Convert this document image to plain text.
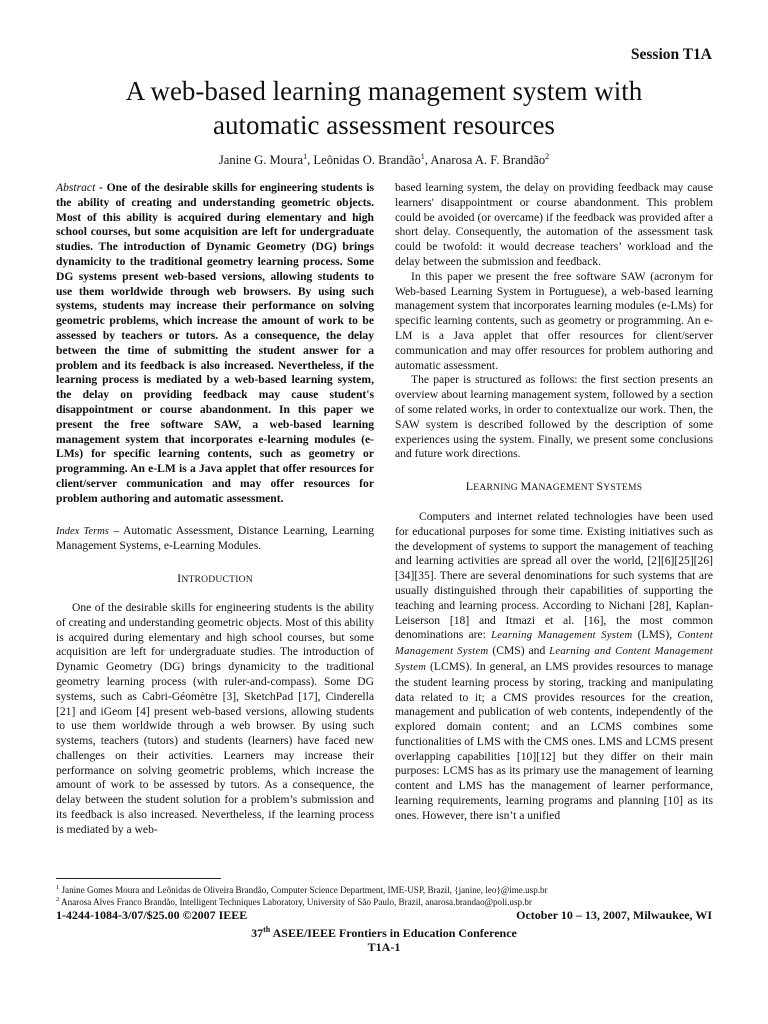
Session T1A
A web-based learning management system with
automatic assessment resources
Janine G. Moura$^1$, Leônidas O. Brandão$^1$, Anarosa A. F. Brandão$^2$

Abstract - One of the desirable skills for engineering students is the ability of creating and understanding geometric objects. Most of this ability is acquired during elementary and high school courses, but some acquisition are left for undergraduate studies. The introduction of Dynamic Geometry (DG) brings dynamicity to the traditional geometry learning process. Some DG systems present web-based versions, allowing students to use them worldwide through web browsers. By using such systems, students may increase their performance on solving geometric problems, which increase the amount of work to be assessed by teachers or tutors. As a consequence, the delay between the time of submitting the student answer for a problem and its feedback is also increased. Nevertheless, if the learning process is mediated by a web-based learning system, the delay on providing feedback may cause student's disappointment or course abandonment. In this paper we present the free software SAW, a web-based learning management system that incorporates e-learning modules (e-LMs) for specific learning contents, such as geometry or programming. An e-LM is a Java applet that offer resources for client/server communication and may offer resources for problem authoring and automatic assessment.

Index Terms – Automatic Assessment, Distance Learning, Learning Management Systems, e-Learning Modules.

INTRODUCTION

One of the desirable skills for engineering students is the ability of creating and understanding geometric objects. Most of this ability is acquired during elementary and high school courses, but some acquisition are left for undergraduate studies. The introduction of Dynamic Geometry (DG) brings dynamicity to the traditional geometry learning process (with ruler-and-compass). Some DG systems, such as Cabri-Géomètre [3], SketchPad [17], Cinderella [21] and iGeom [4] present web-based versions, allowing students to use them worldwide through a web browser. By using such systems, teachers (tutors) and students (learners) have faced new challenges on their activities. Learners may increase their performance on solving geometric problems, which increase the amount of work to be assessed by tutors. As a consequence, the delay between the student solution for a problem’s submission and its feedback is also increased. Nevertheless, if the learning process is mediated by a web-

based learning system, the delay on providing feedback may cause learners' disappointment or course abandonment. This problem could be avoided (or overcame) if the feedback was provided after a short delay. Consequently, the automation of the assessment task could be twofold: it would decrease teachers’ workload and the delay between the submission and feedback.

In this paper we present the free software SAW (acronym for Web-based Learning System in Portuguese), a web-based learning management system that incorporates learning modules (e-LMs) for specific learning contents, such as geometry or programming. An e-LM is a Java applet that offer resources for client/server communication and may offer resources for problem authoring and automatic assessment.

The paper is structured as follows: the first section presents an overview about learning management system, followed by a section of some related works, in order to contextualize our work. Then, the SAW system is described followed by the description of some experiences using the system. Finally, we present some conclusions and future work directions.

LEARNING MANAGEMENT SYSTEMS

Computers and internet related technologies have been used for educational purposes for some time. Existing initiatives such as the development of systems to support the management of teaching and learning activities are spread all over the world, [2][6][25][26][34][35]. There are several denominations for such systems that are usually distinguished through their capabilities of supporting the teaching and learning process. According to Nichani [28], Kaplan-Leiserson [18] and Itmazi et al. [16], the most common denominations are: Learning Management System (LMS), Content Management System (CMS) and Learning and Content Management System (LCMS). In general, an LMS provides resources to manage the student learning process by storing, tracking and manipulating data related to it; a CMS provides resources for the creation, management and publication of web contents, independently of the explored domain content; and an LCMS combines some functionalities of LMS with the CMS ones. LMS and LCMS present overlapping capabilities [10][12] but they differ on their main purposes: LCMS has as its primary use the management of learning content and LMS has the management of learner performance, learning requirements, learning programs and planning [10] as its ones. However, there isn’t a unified

$^1$ Janine Gomes Moura and Leônidas de Oliveira Brandão, Computer Science Department, IME-USP, Brazil, {janine, leo}@ime.usp.br
$^2$ Anarosa Alves Franco Brandão, Intelligent Techniques Laboratory, University of São Paulo, Brazil, anarosa.brandao@poli.usp.br
1-4244-1084-3/07/$25.00 ©2007 IEEE	October 10 – 13, 2007, Milwaukee, WI
37th ASEE/IEEE Frontiers in Education Conference
T1A-1
